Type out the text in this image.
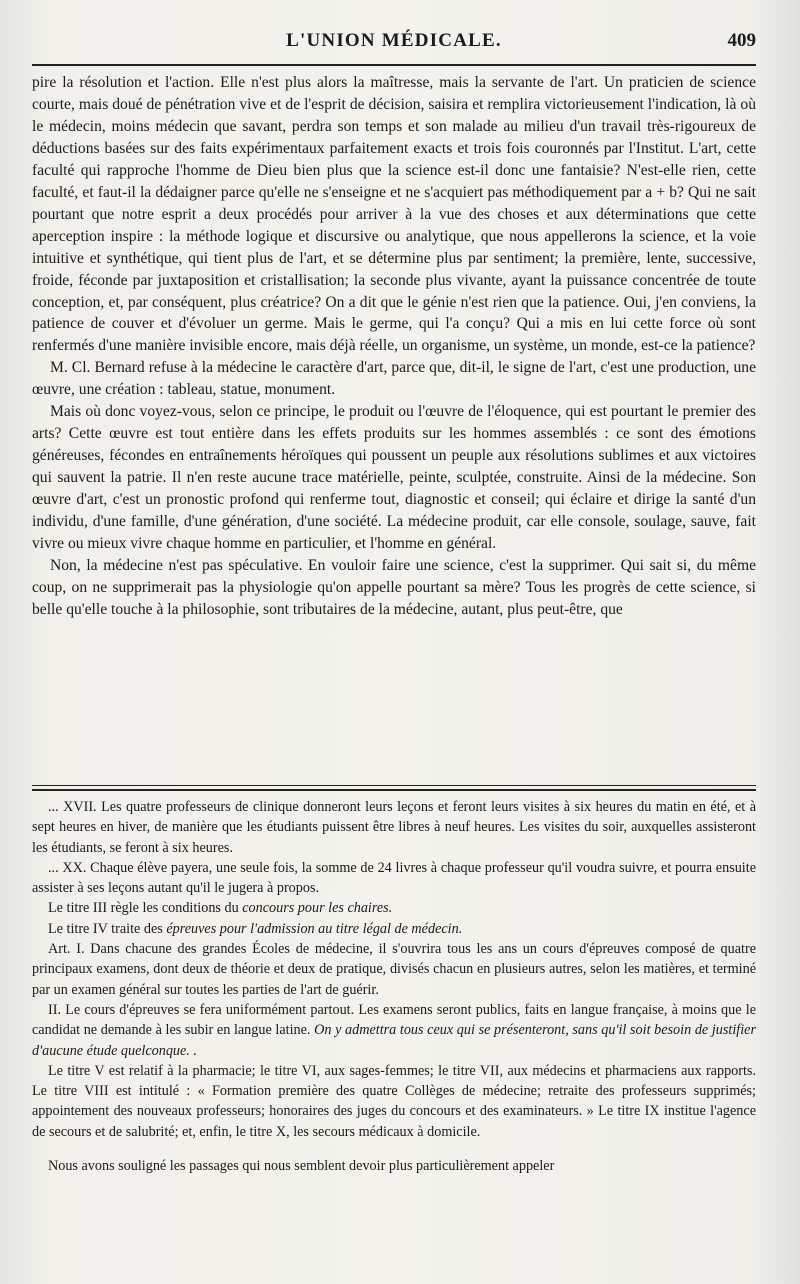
L'UNION MÉDICALE.	409

pire la résolution et l'action. Elle n'est plus alors la maîtresse, mais la servante de l'art. Un praticien de science courte, mais doué de pénétration vive et de l'esprit de décision, saisira et remplira victorieusement l'indication, là où le médecin, moins médecin que savant, perdra son temps et son malade au milieu d'un travail très-rigoureux de déductions basées sur des faits expérimentaux parfaitement exacts et trois fois couronnés par l'Institut. L'art, cette faculté qui rapproche l'homme de Dieu bien plus que la science est-il donc une fantaisie? N'est-elle rien, cette faculté, et faut-il la dédaigner parce qu'elle ne s'enseigne et ne s'acquiert pas méthodiquement par a + b? Qui ne sait pourtant que notre esprit a deux procédés pour arriver à la vue des choses et aux déterminations que cette aperception inspire : la méthode logique et discursive ou analytique, que nous appellerons la science, et la voie intuitive et synthétique, qui tient plus de l'art, et se détermine plus par sentiment; la première, lente, successive, froide, féconde par juxtaposition et cristallisation; la seconde plus vivante, ayant la puissance concentrée de toute conception, et, par conséquent, plus créatrice? On a dit que le génie n'est rien que la patience. Oui, j'en conviens, la patience de couver et d'évoluer un germe. Mais le germe, qui l'a conçu? Qui a mis en lui cette force où sont renfermés d'une manière invisible encore, mais déjà réelle, un organisme, un système, un monde, est-ce la patience?

M. Cl. Bernard refuse à la médecine le caractère d'art, parce que, dit-il, le signe de l'art, c'est une production, une œuvre, une création : tableau, statue, monument.

Mais où donc voyez-vous, selon ce principe, le produit ou l'œuvre de l'éloquence, qui est pourtant le premier des arts? Cette œuvre est tout entière dans les effets produits sur les hommes assemblés : ce sont des émotions généreuses, fécondes en entraînements héroïques qui poussent un peuple aux résolutions sublimes et aux victoires qui sauvent la patrie. Il n'en reste aucune trace matérielle, peinte, sculptée, construite. Ainsi de la médecine. Son œuvre d'art, c'est un pronostic profond qui renferme tout, diagnostic et conseil; qui éclaire et dirige la santé d'un individu, d'une famille, d'une génération, d'une société. La médecine produit, car elle console, soulage, sauve, fait vivre ou mieux vivre chaque homme en particulier, et l'homme en général.

Non, la médecine n'est pas spéculative. En vouloir faire une science, c'est la supprimer. Qui sait si, du même coup, on ne supprimerait pas la physiologie qu'on appelle pourtant sa mère? Tous les progrès de cette science, si belle qu'elle touche à la philosophie, sont tributaires de la médecine, autant, plus peut-être, que

... XVII. Les quatre professeurs de clinique donneront leurs leçons et feront leurs visites à six heures du matin en été, et à sept heures en hiver, de manière que les étudiants puissent être libres à neuf heures. Les visites du soir, auxquelles assisteront les étudiants, se feront à six heures.

... XX. Chaque élève payera, une seule fois, la somme de 24 livres à chaque professeur qu'il voudra suivre, et pourra ensuite assister à ses leçons autant qu'il le jugera à propos.

Le titre III règle les conditions du concours pour les chaires.

Le titre IV traite des épreuves pour l'admission au titre légal de médecin.

Art. I. Dans chacune des grandes Écoles de médecine, il s'ouvrira tous les ans un cours d'épreuves composé de quatre principaux examens, dont deux de théorie et deux de pratique, divisés chacun en plusieurs autres, selon les matières, et terminé par un examen général sur toutes les parties de l'art de guérir.

II. Le cours d'épreuves se fera uniformément partout. Les examens seront publics, faits en langue française, à moins que le candidat ne demande à les subir en langue latine. On y admettra tous ceux qui se présenteront, sans qu'il soit besoin de justifier d'aucune étude quelconque. .

Le titre V est relatif à la pharmacie; le titre VI, aux sages-femmes; le titre VII, aux médecins et pharmaciens aux rapports. Le titre VIII est intitulé : « Formation première des quatre Collèges de médecine; retraite des professeurs supprimés; appointement des nouveaux professeurs; honoraires des juges du concours et des examinateurs. » Le titre IX institue l'agence de secours et de salubrité; et, enfin, le titre X, les secours médicaux à domicile.

Nous avons souligné les passages qui nous semblent devoir plus particulièrement appeler
